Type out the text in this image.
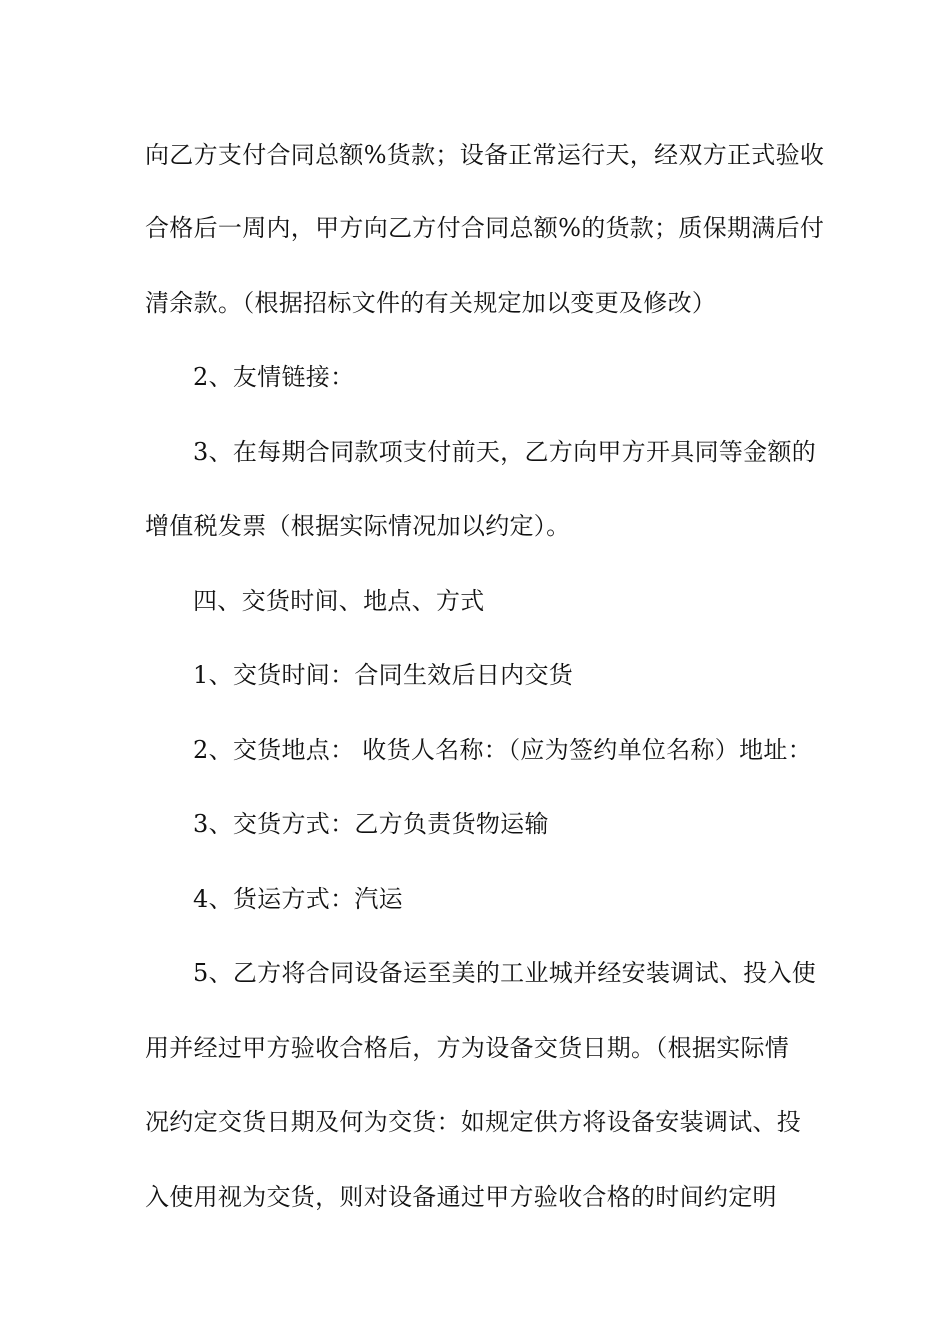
向乙方支付合同总额%货款；设备正常运行天，经双方正式验收
合格后一周内，甲方向乙方付合同总额%的货款；质保期满后付
清余款。（根据招标文件的有关规定加以变更及修改）
2、友情链接：
3、在每期合同款项支付前天，乙方向甲方开具同等金额的
增值税发票（根据实际情况加以约定）。
四、交货时间、地点、方式
1、交货时间：合同生效后日内交货
2、交货地点： 收货人名称：（应为签约单位名称）地址：
3、交货方式：乙方负责货物运输
4、货运方式：汽运
5、乙方将合同设备运至美的工业城并经安装调试、投入使
用并经过甲方验收合格后，方为设备交货日期。（根据实际情
况约定交货日期及何为交货：如规定供方将设备安装调试、投
入使用视为交货，则对设备通过甲方验收合格的时间约定明
